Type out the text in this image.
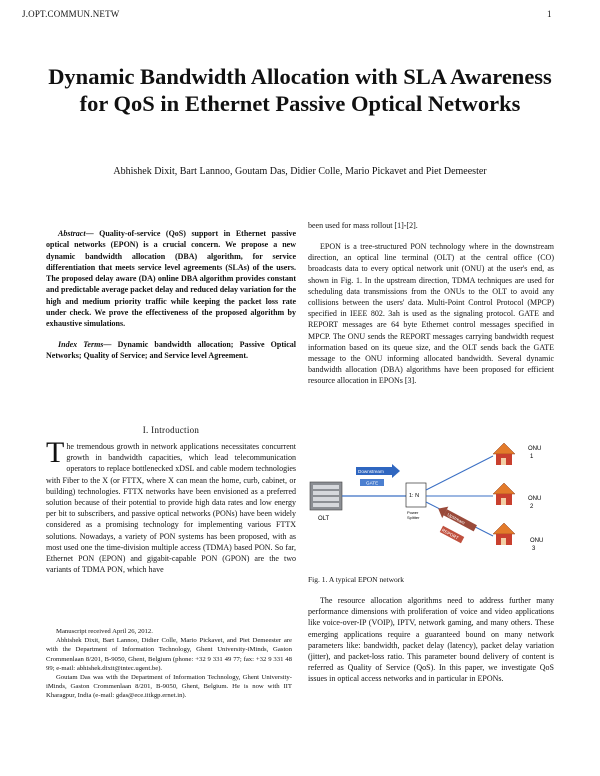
J.OPT.COMMUN.NETW	1
Dynamic Bandwidth Allocation with SLA Awareness for QoS in Ethernet Passive Optical Networks
Abhishek Dixit, Bart Lannoo, Goutam Das, Didier Colle, Mario Pickavet and Piet Demeester

Abstract— Quality-of-service (QoS) support in Ethernet passive optical networks (EPON) is a crucial concern. We propose a new dynamic bandwidth allocation (DBA) algorithm, for service differentiation that meets service level agreements (SLAs) of the users. The proposed delay aware (DA) online DBA algorithm provides constant and predictable average packet delay and reduced delay variation for the high and medium priority traffic while keeping the packet loss rate under check. We prove the effectiveness of the proposed algorithm by exhaustive simulations.

Index Terms— Dynamic bandwidth allocation; Passive Optical Networks; Quality of Service; and Service level Agreement.

I. Introduction
The tremendous growth in network applications necessitates concurrent growth in bandwidth capacities, which lead telecommunication operators to replace bottlenecked xDSL and cable modem technologies with Fiber to the X (or FTTX, where X can mean the home, curb, cabinet, or building) technologies. FTTX networks have been envisioned as a preferred solution because of their potential to provide high data rates and low energy per bit to subscribers, and passive optical networks (PONs) have been widely considered as a promising technology for implementing various FTTX solutions. Nowadays, a variety of PON systems has been proposed, with as most used one the time-division multiple access (TDMA) based PON. So far, Ethernet PON (EPON) and gigabit-capable PON (GPON) are the two variants of TDMA PON, which have

Manuscript received April 26, 2012.

Abhishek Dixit, Bart Lannoo, Didier Colle, Mario Pickavet, and Piet Demeester are with the Department of Information Technology, Ghent University-iMinds, Gaston Crommenlaan 8/201, B-9050, Ghent, Belgium (phone: +32 9 331 49 77; fax: +32 9 331 48 99; e-mail: abhishek.dixit@intec.ugent.be).

Goutam Das was with the Department of Information Technology, Ghent University-iMinds, Gaston Crommenlaan 8/201, B-9050, Ghent, Belgium. He is now with IIT Kharagpur, India (e-mail: gdas@ece.iitkgp.ernet.in).

been used for mass rollout [1]-[2].
EPON is a tree-structured PON technology where in the downstream direction, an optical line terminal (OLT) at the central office (CO) broadcasts data to every optical network unit (ONU) at the user's end, as shown in Fig. 1. In the upstream direction, TDMA techniques are used for scheduling data transmissions from the ONUs to the OLT to avoid any collisions between the users' data. Multi-Point Control Protocol (MPCP) specified in IEEE 802. 3ah is used as the signaling protocol. GATE and REPORT messages are 64 byte Ethernet control messages specified in MPCP. The ONU sends the REPORT messages carrying bandwidth request information based on its queue size, and the OLT sends back the GATE message to the ONU informing allocated bandwidth. Several dynamic bandwidth allocation (DBA) algorithms have been proposed for efficient resource allocation in EPONs [3].
OLT
Downstream
GATE
1: N
Power
Splitter	Upstream
REPORT
ONU
1
ONU
2
ONU
3
Fig. 1. A typical EPON network
The resource allocation algorithms need to address further many performance dimensions with proliferation of voice and video applications like voice-over-IP (VOIP), IPTV, network gaming, and many others. These emerging applications require a guaranteed bound on many network parameters like: bandwidth, packet delay (latency), packet delay variation (jitter), and packet-loss ratio. This parameter bound delivery of content is referred as Quality of Service (QoS). In this paper, we investigate QoS issues in optical access networks and in particular in EPONs.
